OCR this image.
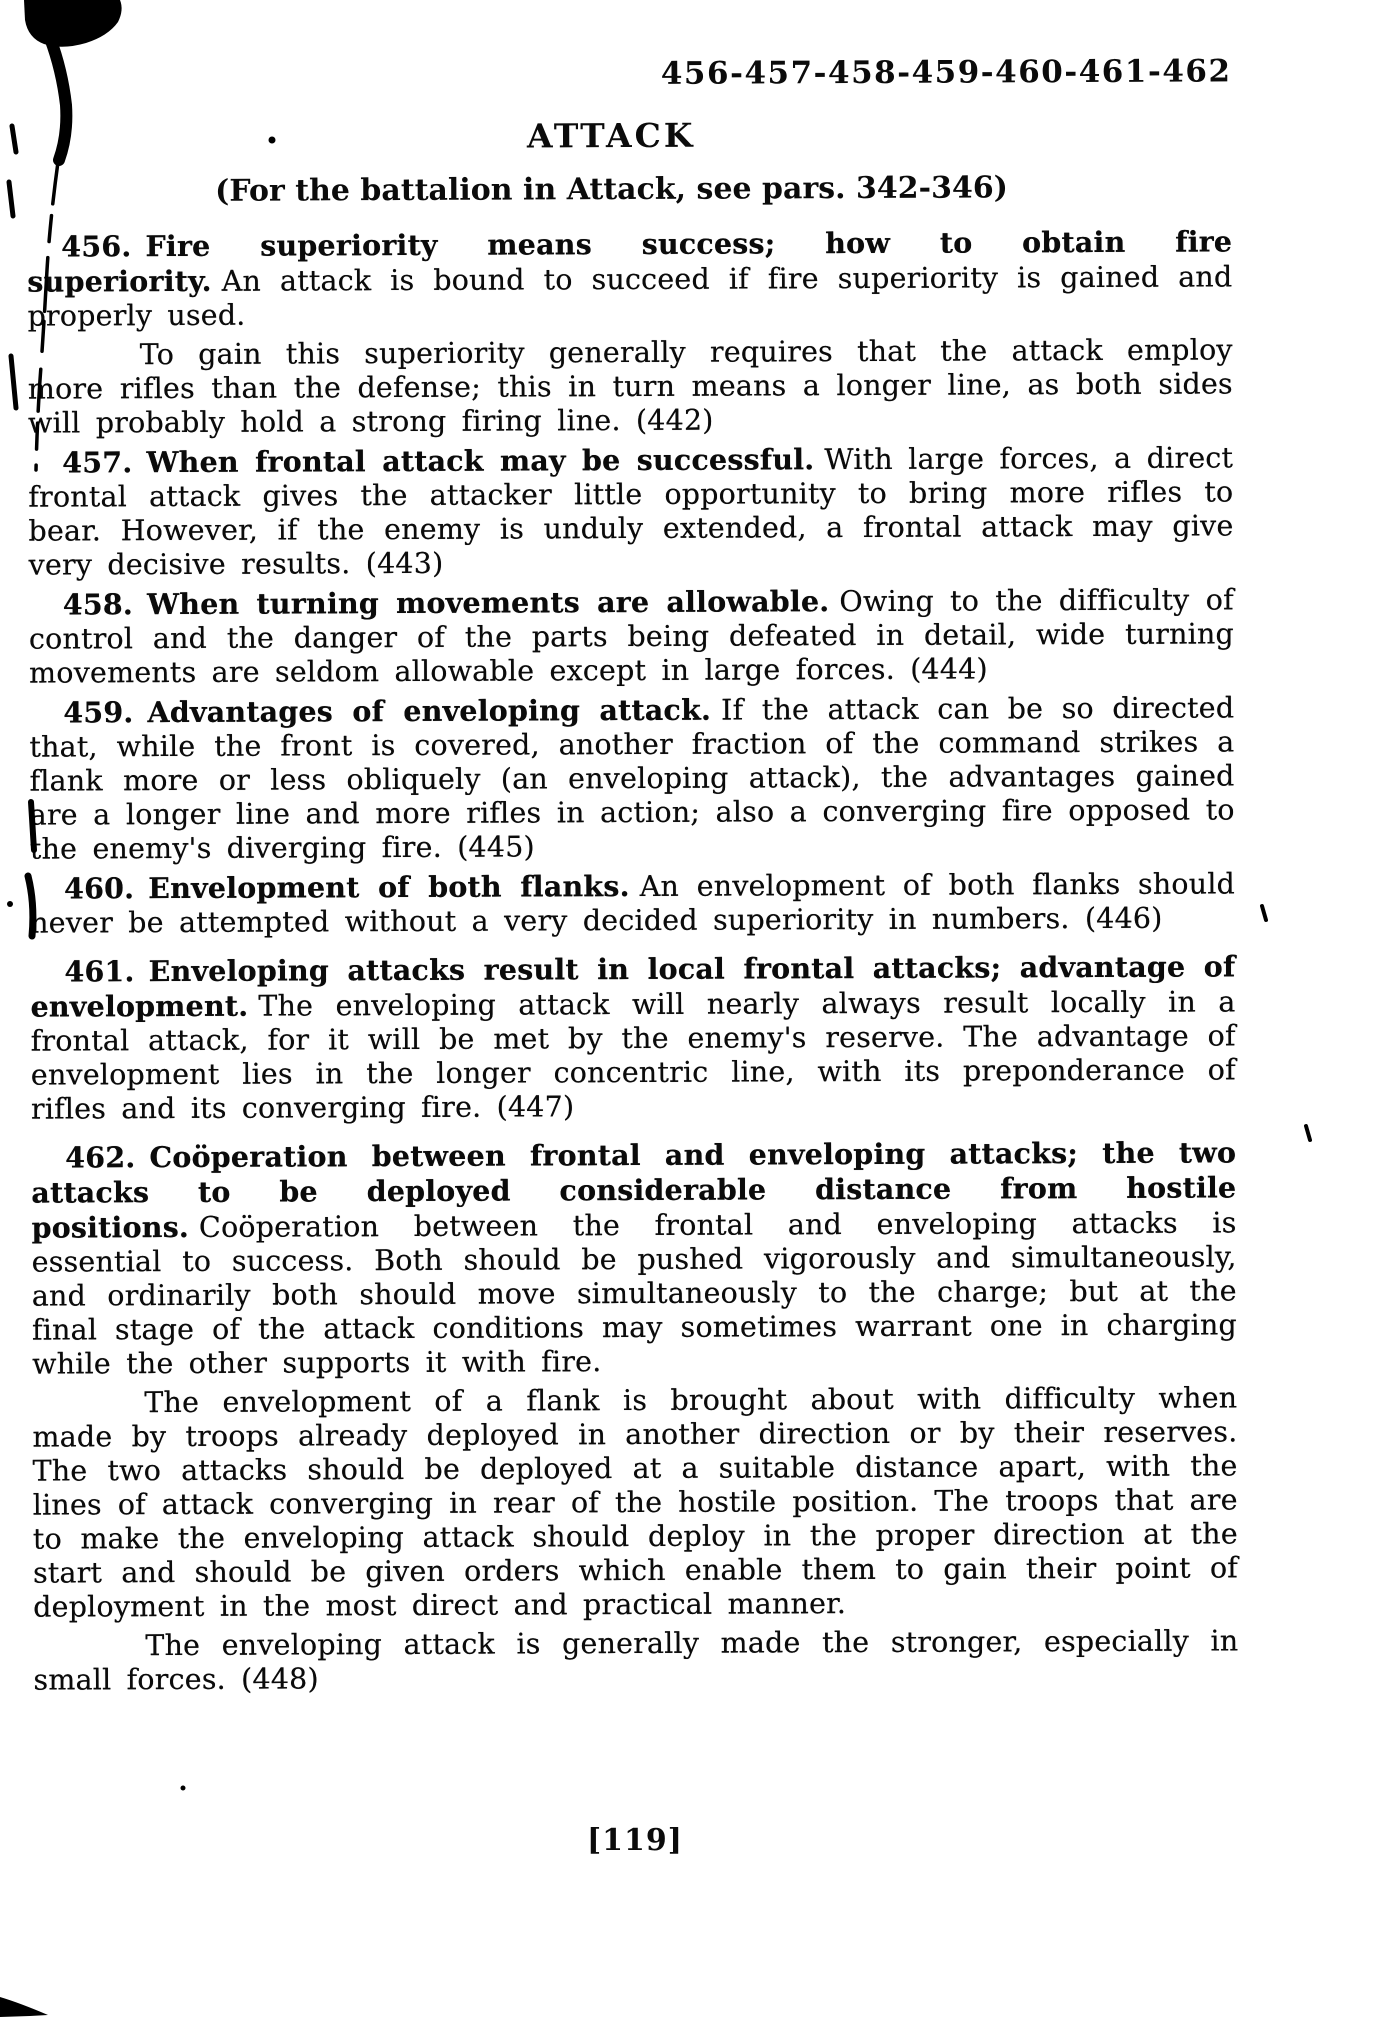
456-457-458-459-460-461-462
ATTACK
(For the battalion in Attack, see pars. 342-346)

456. Fire superiority means success; how to obtain fire superiority. An attack is bound to succeed if fire superiority is gained and properly used.

To gain this superiority generally requires that the attack employ more rifles than the defense; this in turn means a longer line, as both sides will probably hold a strong firing line. (442)

457. When frontal attack may be successful. With large forces, a direct frontal attack gives the attacker little opportunity to bring more rifles to bear. However, if the enemy is unduly extended, a frontal attack may give very decisive results. (443)

458. When turning movements are allowable. Owing to the difficulty of control and the danger of the parts being defeated in detail, wide turning movements are seldom allowable except in large forces. (444)

459. Advantages of enveloping attack. If the attack can be so directed that, while the front is covered, another fraction of the command strikes a flank more or less obliquely (an enveloping attack), the advantages gained are a longer line and more rifles in action; also a converging fire opposed to the enemy's diverging fire. (445)

460. Envelopment of both flanks. An envelopment of both flanks should never be attempted without a very decided superiority in numbers. (446)

461. Enveloping attacks result in local frontal attacks; advantage of envelopment. The enveloping attack will nearly always result locally in a frontal attack, for it will be met by the enemy's reserve. The advantage of envelopment lies in the longer concentric line, with its preponderance of rifles and its converging fire. (447)

462. Coöperation between frontal and enveloping attacks; the two attacks to be deployed considerable distance from hostile positions. Coöperation between the frontal and enveloping attacks is essential to success. Both should be pushed vigorously and simultaneously, and ordinarily both should move simultaneously to the charge; but at the final stage of the attack conditions may sometimes warrant one in charging while the other supports it with fire.

The envelopment of a flank is brought about with difficulty when made by troops already deployed in another direction or by their reserves. The two attacks should be deployed at a suitable distance apart, with the lines of attack converging in rear of the hostile position. The troops that are to make the enveloping attack should deploy in the proper direction at the start and should be given orders which enable them to gain their point of deployment in the most direct and practical manner.

The enveloping attack is generally made the stronger, especially in small forces. (448)

[119]
